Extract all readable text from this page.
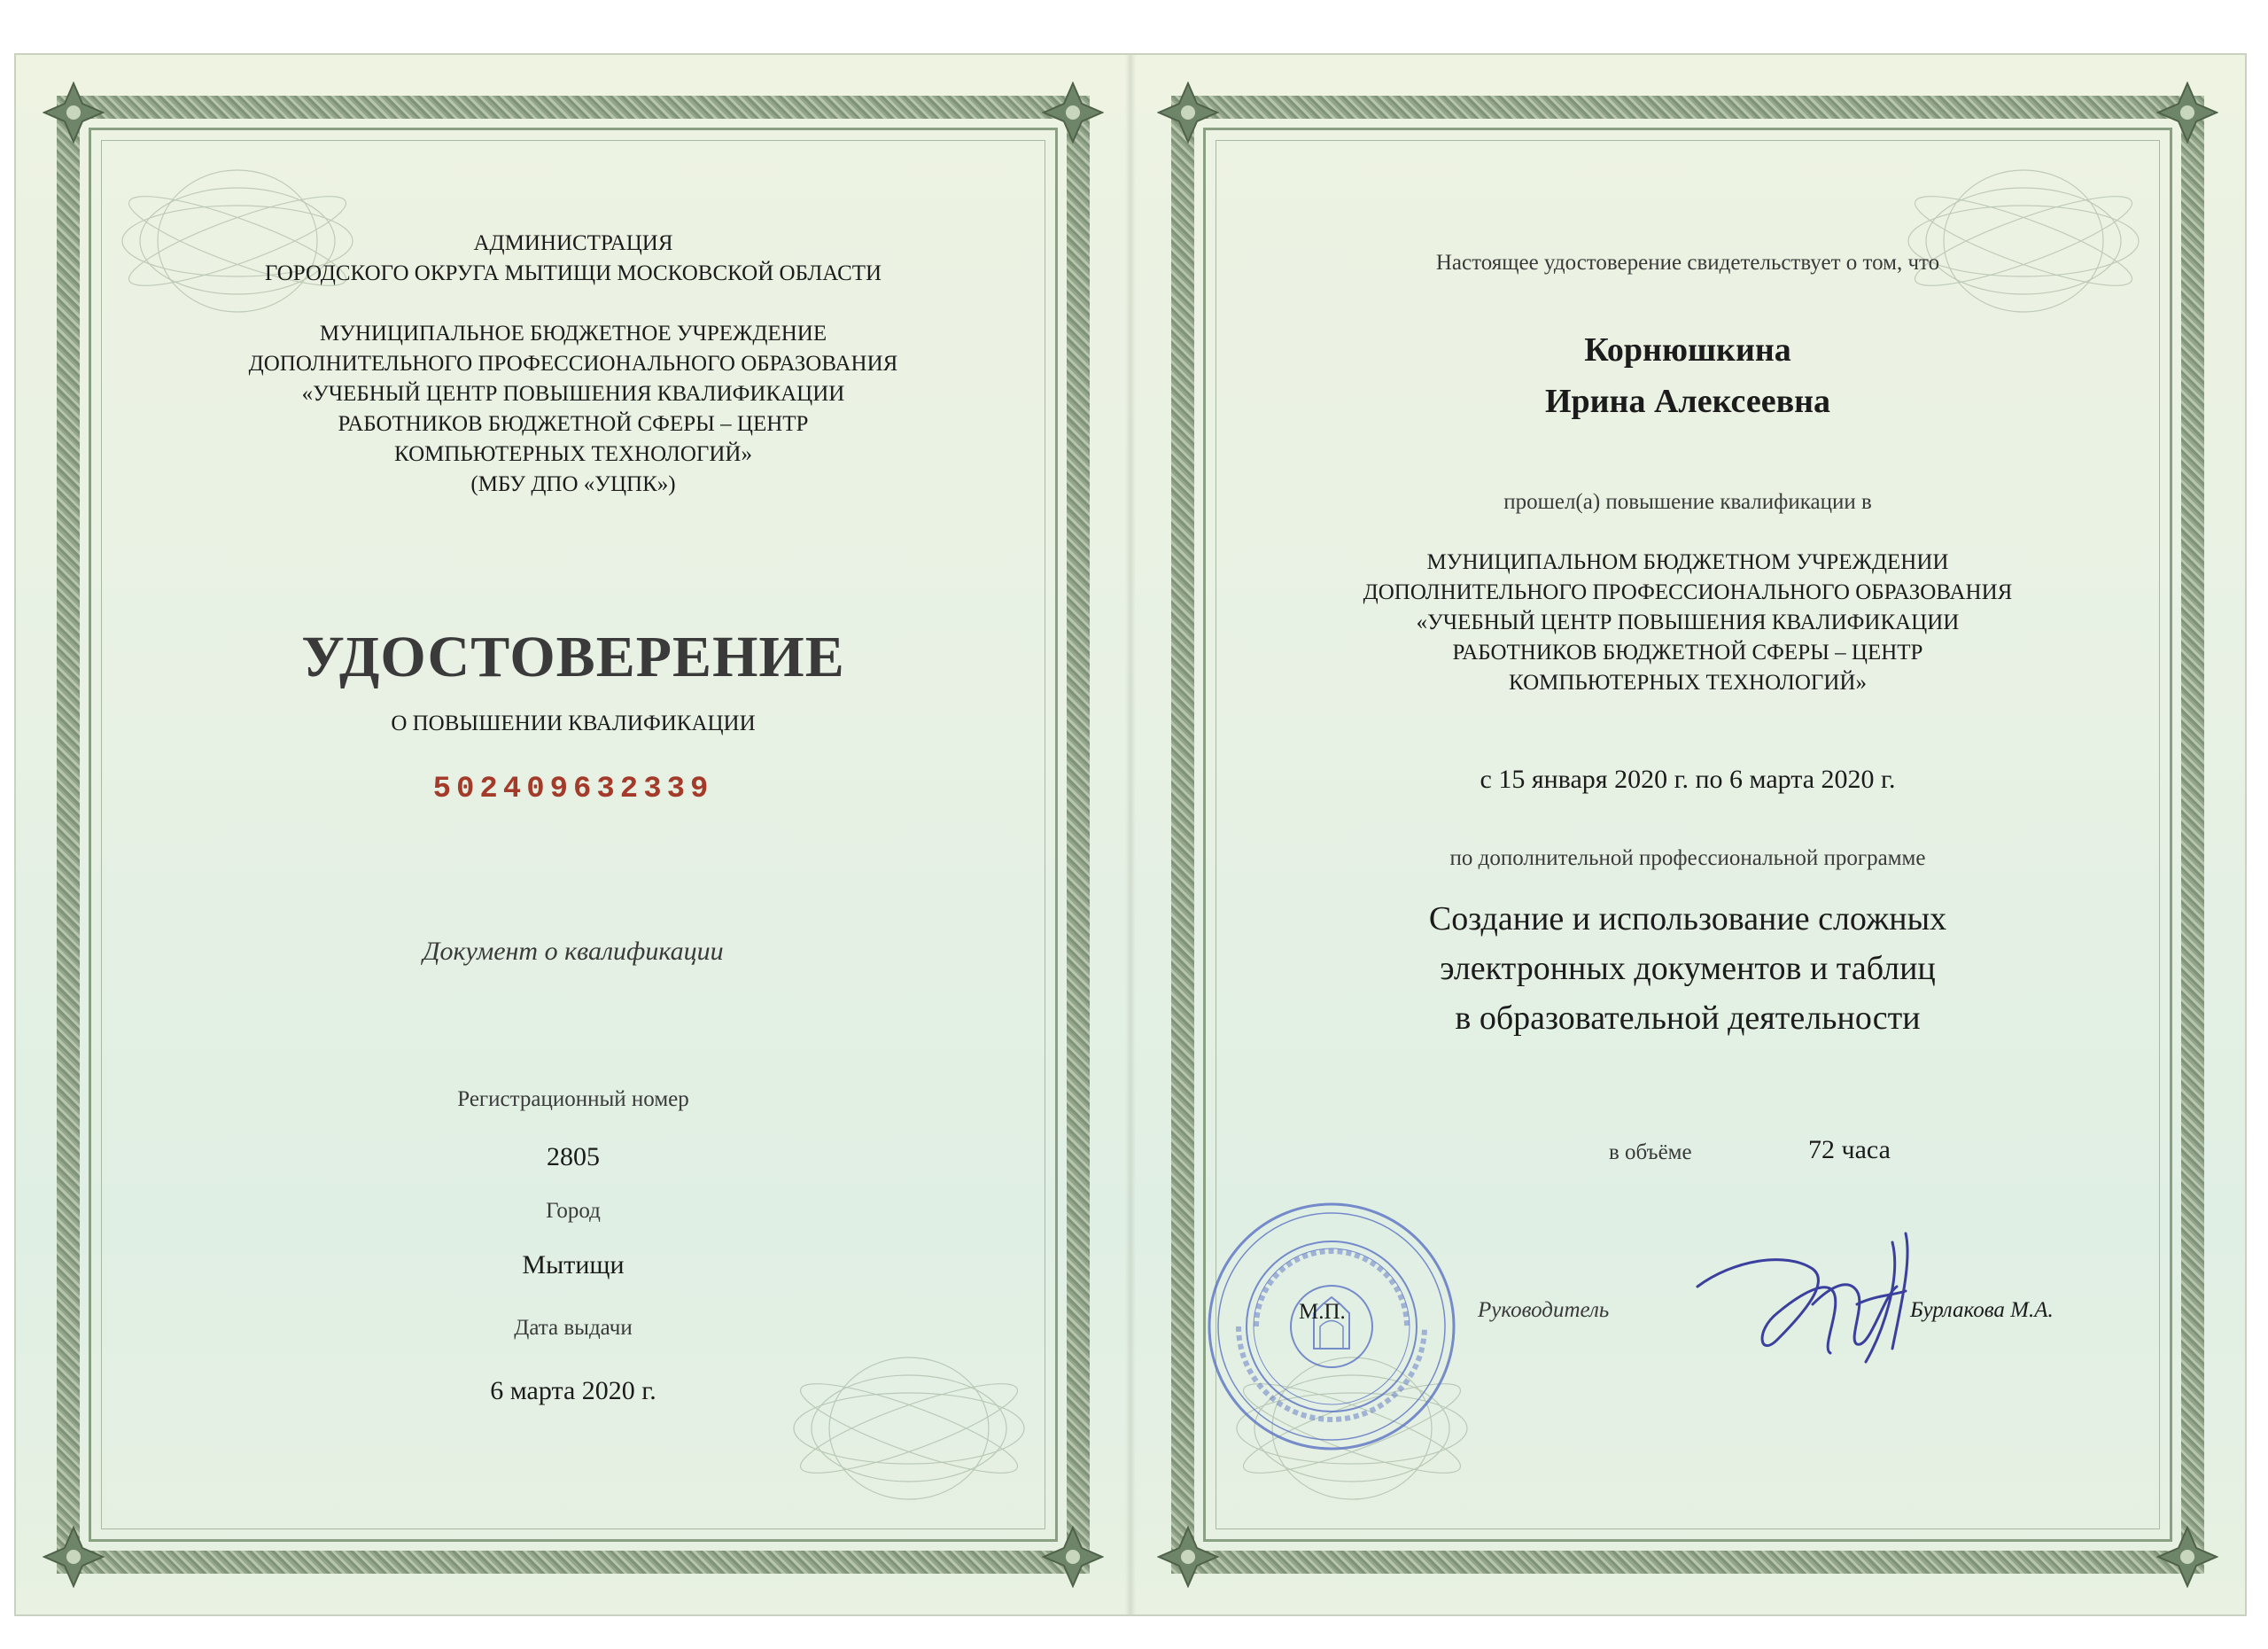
АДМИНИСТРАЦИЯ
ГОРОДСКОГО ОКРУГА МЫТИЩИ МОСКОВСКОЙ ОБЛАСТИ
МУНИЦИПАЛЬНОЕ БЮДЖЕТНОЕ УЧРЕЖДЕНИЕ
ДОПОЛНИТЕЛЬНОГО ПРОФЕССИОНАЛЬНОГО ОБРАЗОВАНИЯ
«УЧЕБНЫЙ ЦЕНТР ПОВЫШЕНИЯ КВАЛИФИКАЦИИ
РАБОТНИКОВ БЮДЖЕТНОЙ СФЕРЫ – ЦЕНТР
КОМПЬЮТЕРНЫХ ТЕХНОЛОГИЙ»
(МБУ ДПО «УЦПК»)
УДОСТОВЕРЕНИЕ
О ПОВЫШЕНИИ КВАЛИФИКАЦИИ
502409632339
Документ о квалификации
Регистрационный номер
2805
Город
Мытищи
Дата выдачи
6 марта 2020 г.
Настоящее удостоверение свидетельствует о том, что
Корнюшкина
Ирина Алексеевна
прошел(а) повышение квалификации в
МУНИЦИПАЛЬНОМ БЮДЖЕТНОМ УЧРЕЖДЕНИИ
ДОПОЛНИТЕЛЬНОГО ПРОФЕССИОНАЛЬНОГО ОБРАЗОВАНИЯ
«УЧЕБНЫЙ ЦЕНТР ПОВЫШЕНИЯ КВАЛИФИКАЦИИ
РАБОТНИКОВ БЮДЖЕТНОЙ СФЕРЫ – ЦЕНТР
КОМПЬЮТЕРНЫХ ТЕХНОЛОГИЙ»
с 15 января 2020 г. по 6 марта 2020 г.
по дополнительной профессиональной программе
Создание и использование сложных
электронных документов и таблиц
в образовательной деятельности
в объёме	72 часа
М.П.	Руководитель	Бурлакова М.А.
